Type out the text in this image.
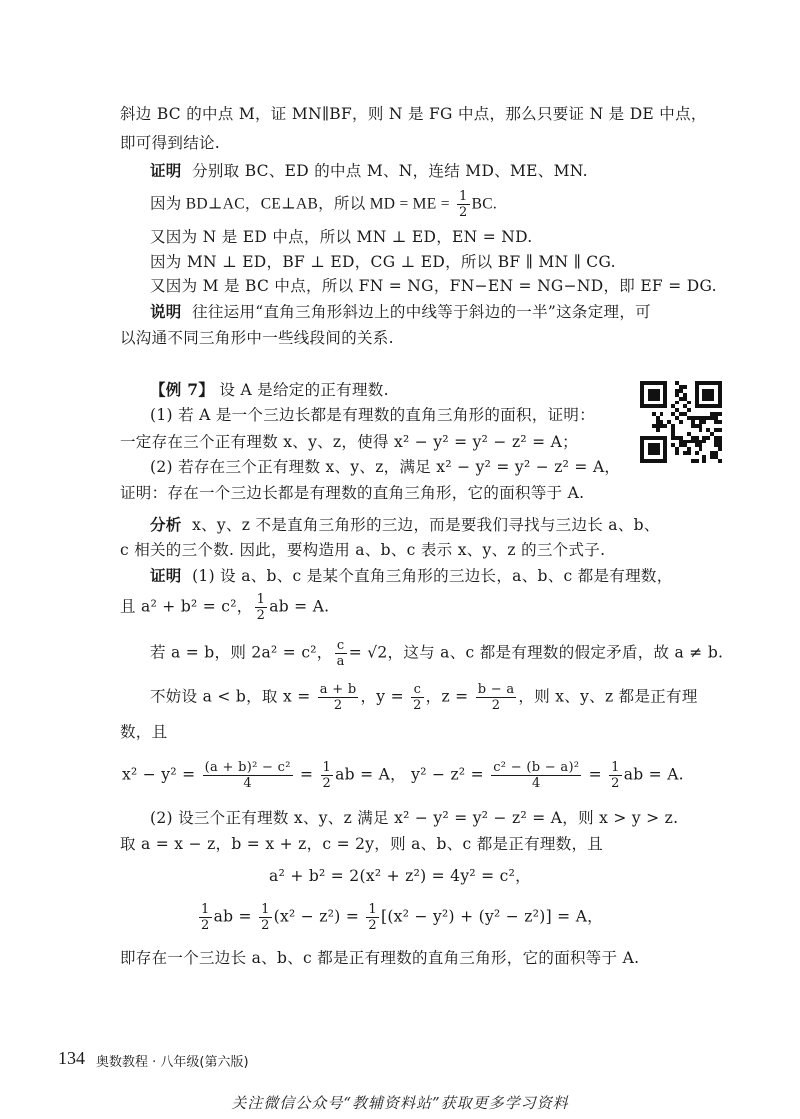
斜边 BC 的中点 M，证 MN∥BF，则 N 是 FG 中点，那么只要证 N 是 DE 中点，
即可得到结论.
证明 分别取 BC、ED 的中点 M、N，连结 MD、ME、MN.
因为 BD⊥AC，CE⊥AB，所以 MD = ME = $\frac{1}{2}$ BC.
又因为 N 是 ED 中点，所以 MN ⊥ ED，EN = ND.
因为 MN ⊥ ED，BF ⊥ ED，CG ⊥ ED，所以 BF ∥ MN ∥ CG.
又因为 M 是 BC 中点，所以 FN = NG，FN−EN = NG−ND，即 EF = DG.
说明 往往运用“直角三角形斜边上的中线等于斜边的一半”这条定理，可
以沟通不同三角形中一些线段间的关系.
【例 7】 设 A 是给定的正有理数.
(1) 若 A 是一个三边长都是有理数的直角三角形的面积，证明：
一定存在三个正有理数 x、y、z，使得 x² − y² = y² − z² = A；
(2) 若存在三个正有理数 x、y、z，满足 x² − y² = y² − z² = A，
证明：存在一个三边长都是有理数的直角三角形，它的面积等于 A.
分析 x、y、z 不是直角三角形的三边，而是要我们寻找与三边长 a、b、
c 相关的三个数. 因此，要构造用 a、b、c 表示 x、y、z 的三个式子.
证明 (1) 设 a、b、c 是某个直角三角形的三边长，a、b、c 都是有理数，
且 a² + b² = c²， $\frac{1}{2}$ ab = A.
若 a = b，则 2a² = c²， $\frac{c}{a} = √2$，这与 a、c 都是有理数的假定矛盾，故 a ≠ b.
不妨设 a < b，取 $x = \frac{a + b}{2}$ ，$y = \frac{c}{2}$ ，$z = \frac{b - a}{2}$ ，则 x、y、z 都是正有理
数，且
$x^2 - y^2 = \frac{\text{(a + b)² − c²}}{4} = \frac{1}{2}$ ab = A， $y^2 - z^2 = \frac{\text{c² − (b − a)²}}{4} = \frac{1}{2}$ ab = A.
(2) 设三个正有理数 x、y、z 满足 x² − y² = y² − z² = A，则 x > y > z.
取 a = x − z，b = x + z，c = 2y，则 a、b、c 都是正有理数，且
a² + b² = 2(x² + z²) = 4y² = c²，
$\frac{1}{2}$ ab = $\frac{1}{2} (x^2 - z^2) = \frac{1}{2} [(x^2 - y^2) + (y^2 - z^2)] = A$，
即存在一个三边长 a、b、c 都是正有理数的直角三角形，它的面积等于 A.
134 奥数教程 · 八年级(第六版)
关注微信公众号“教辅资料站”获取更多学习资料
